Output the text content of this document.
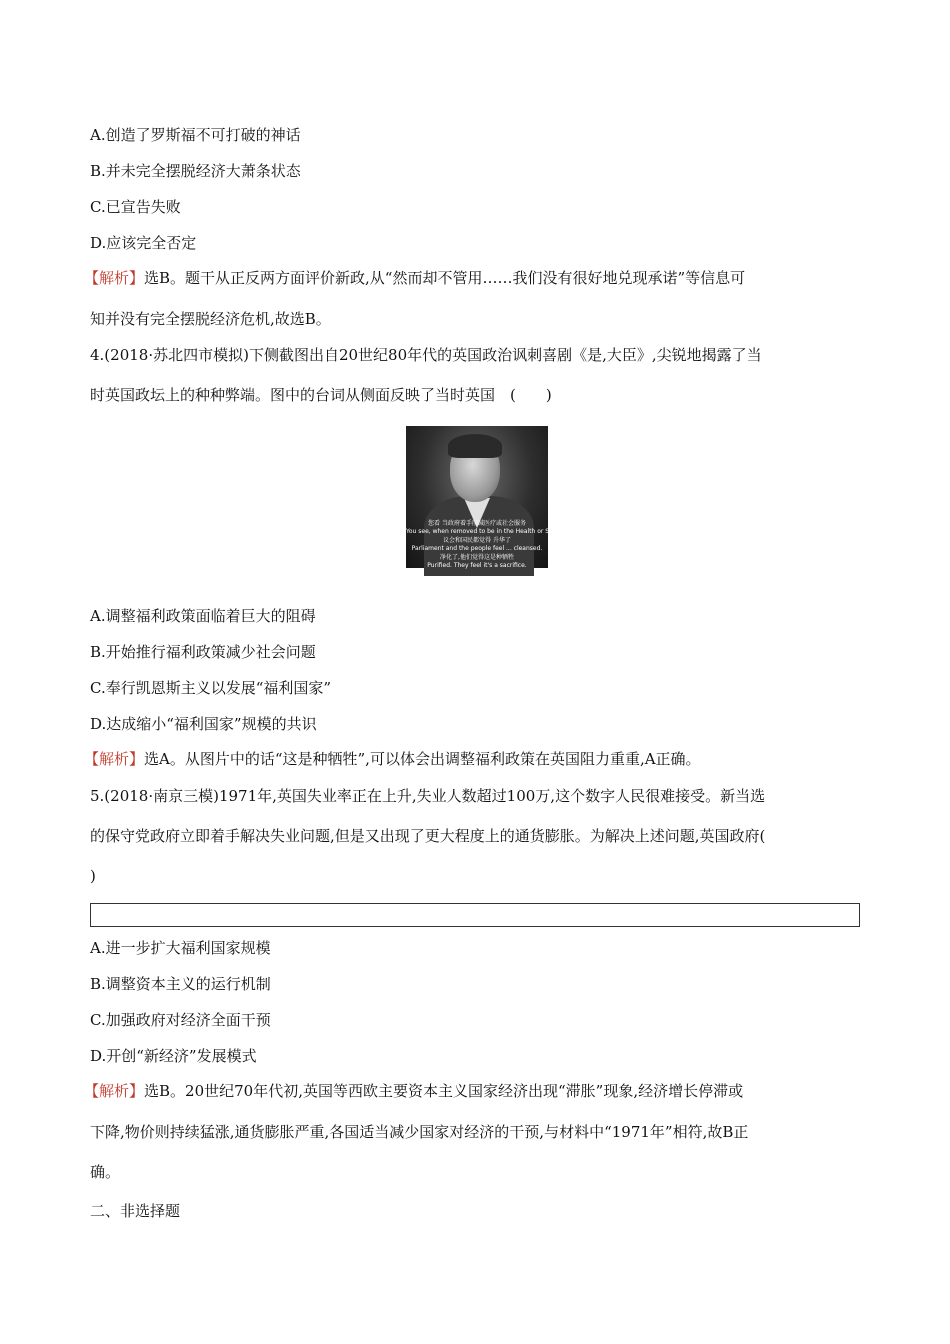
A.创造了罗斯福不可打破的神话
B.并未完全摆脱经济大萧条状态
C.已宣告失败
D.应该完全否定
【解析】选B。题干从正反两方面评价新政,从“然而却不管用……我们没有很好地兑现承诺”等信息可
知并没有完全摆脱经济危机,故选B。
4.(2018·苏北四市模拟)下侧截图出自20世纪80年代的英国政治讽刺喜剧《是,大臣》,尖锐地揭露了当
时英国政坛上的种种弊端。图中的台词从侧面反映了当时英国　(　　)
您看 当政府着手削减医疗或社会服务
You see, when removed to be in the Health or Social Services,
议会和国民都觉得 升华了
Parliament and the people feel ... cleansed.
净化了,他们觉得这是种牺牲
Purified. They feel it's a sacrifice.
A.调整福利政策面临着巨大的阻碍
B.开始推行福利政策减少社会问题
C.奉行凯恩斯主义以发展“福利国家”
D.达成缩小“福利国家”规模的共识
【解析】选A。从图片中的话“这是种牺牲”,可以体会出调整福利政策在英国阻力重重,A正确。
5.(2018·南京三模)1971年,英国失业率正在上升,失业人数超过100万,这个数字人民很难接受。新当选
的保守党政府立即着手解决失业问题,但是又出现了更大程度上的通货膨胀。为解决上述问题,英国政府(
)
A.进一步扩大福利国家规模
B.调整资本主义的运行机制
C.加强政府对经济全面干预
D.开创“新经济”发展模式
【解析】选B。20世纪70年代初,英国等西欧主要资本主义国家经济出现“滞胀”现象,经济增长停滞或
下降,物价则持续猛涨,通货膨胀严重,各国适当减少国家对经济的干预,与材料中“1971年”相符,故B正
确。
二、非选择题
